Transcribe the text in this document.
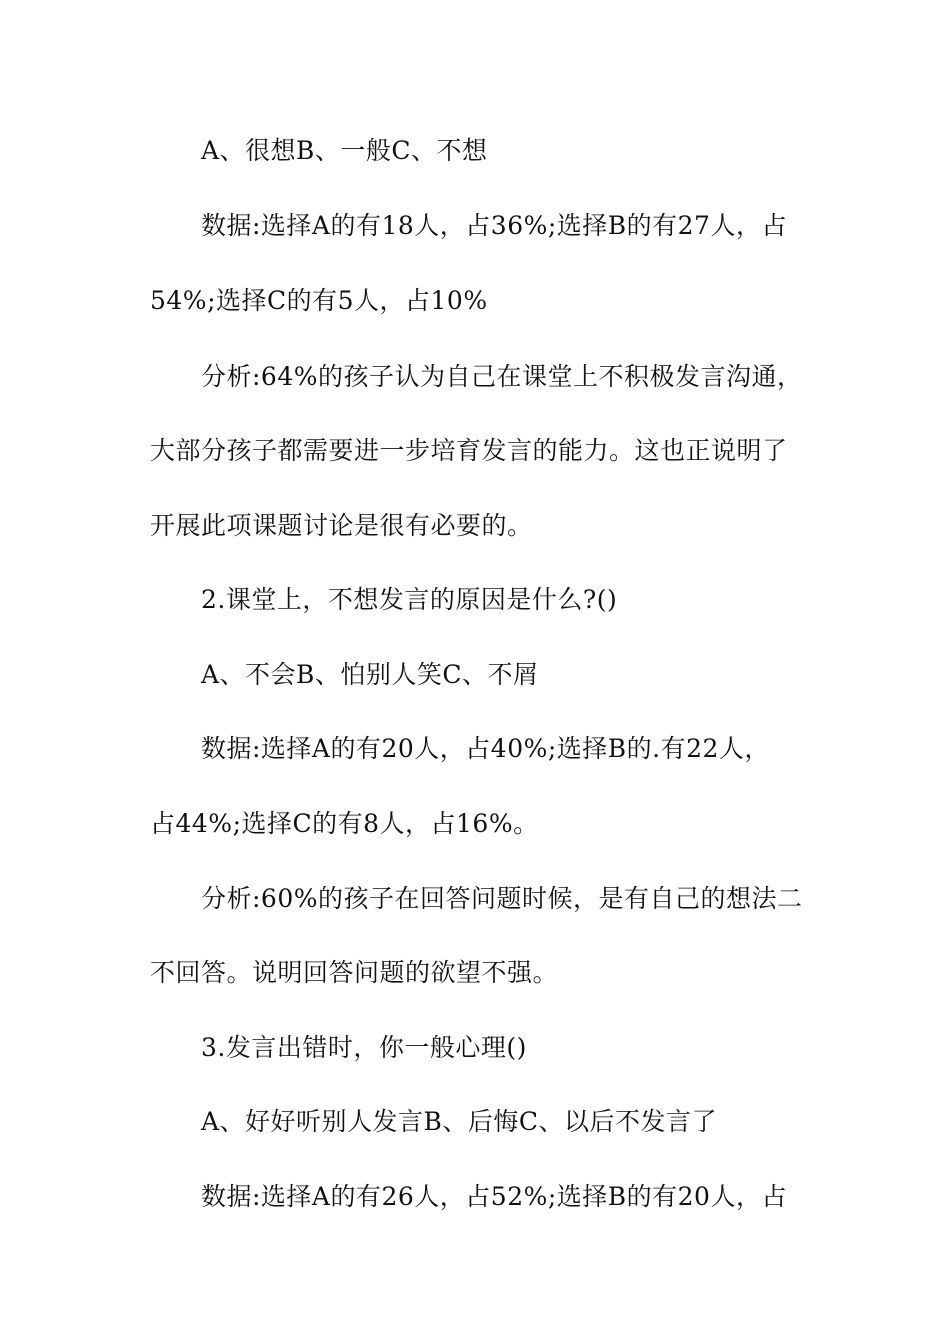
A、很想B、一般C、不想
数据:选择A的有18人，占36%;选择B的有27人，占
54%;选择C的有5人，占10%
分析:64%的孩子认为自己在课堂上不积极发言沟通，
大部分孩子都需要进一步培育发言的能力。这也正说明了
开展此项课题讨论是很有必要的。
2.课堂上，不想发言的原因是什么?()
A、不会B、怕别人笑C、不屑
数据:选择A的有20人，占40%;选择B的.有22人，
占44%;选择C的有8人，占16%。
分析:60%的孩子在回答问题时候，是有自己的想法二
不回答。说明回答问题的欲望不强。
3.发言出错时，你一般心理()
A、好好听别人发言B、后悔C、以后不发言了
数据:选择A的有26人，占52%;选择B的有20人，占
